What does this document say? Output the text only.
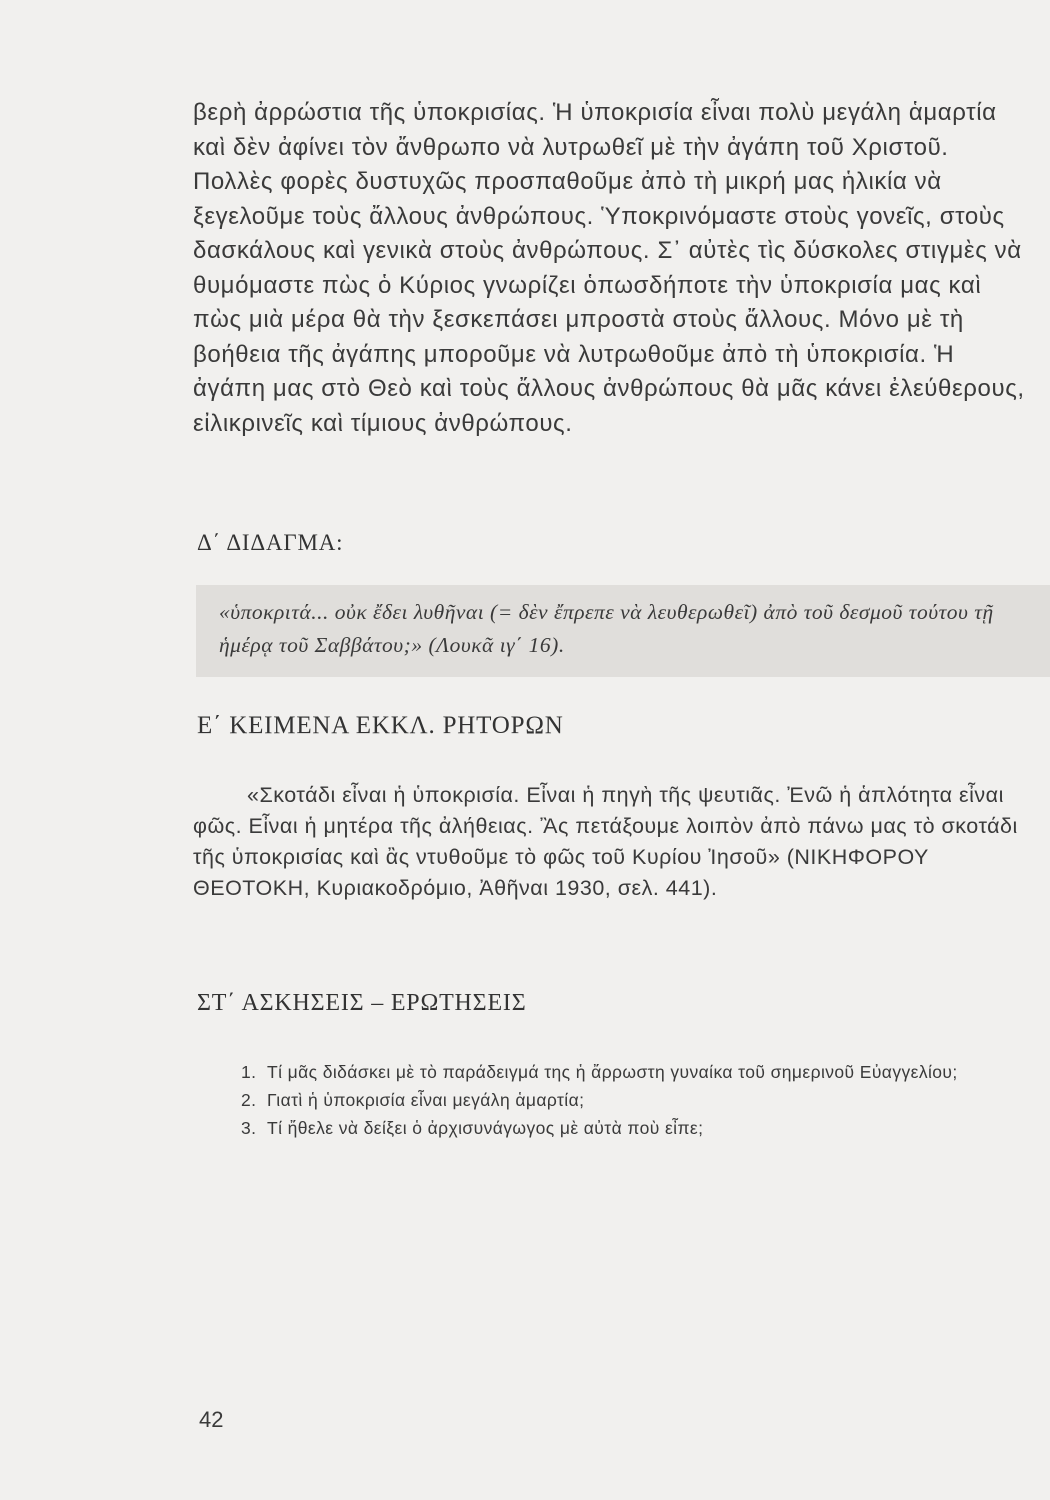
βερὴ ἀρρώστια τῆς ὑποκρισίας. Ἡ ὑποκρισία εἶναι πολὺ μεγάλη ἁμαρτία καὶ δὲν ἀφίνει τὸν ἄνθρωπο νὰ λυτρωθεῖ μὲ τὴν ἀγάπη τοῦ Χριστοῦ. Πολλὲς φορὲς δυστυχῶς προσπαθοῦμε ἀπὸ τὴ μικρή μας ἡλικία νὰ ξεγελοῦμε τοὺς ἄλλους ἀνθρώπους. Ὑποκρινόμαστε στοὺς γονεῖς, στοὺς δασκάλους καὶ γενικὰ στοὺς ἀνθρώπους. Σ᾽ αὐτὲς τὶς δύσκολες στιγμὲς νὰ θυμόμαστε πὼς ὁ Κύριος γνωρίζει ὁπωσδήποτε τὴν ὑποκρισία μας καὶ πὼς μιὰ μέρα θὰ τὴν ξεσκεπάσει μπροστὰ στοὺς ἄλλους. Μόνο μὲ τὴ βοήθεια τῆς ἀγάπης μποροῦμε νὰ λυτρωθοῦμε ἀπὸ τὴ ὑποκρισία. Ἡ ἀγάπη μας στὸ Θεὸ καὶ τοὺς ἄλλους ἀνθρώπους θὰ μᾶς κάνει ἐλεύθερους, εἰλικρινεῖς καὶ τίμιους ἀνθρώπους.

Δ΄ ΔΙΔΑΓΜΑ:
«ὑποκριτά... οὐκ ἔδει λυθῆναι (= δὲν ἔπρεπε νὰ λευθερωθεῖ) ἀπὸ τοῦ δεσμοῦ τούτου τῇ ἡμέρᾳ τοῦ Σαββάτου;» (Λουκᾶ ιγ΄ 16).
Ε΄ ΚΕΙΜΕΝΑ ΕΚΚΛ. ΡΗΤΟΡΩΝ

«Σκοτάδι εἶναι ἡ ὑποκρισία. Εἶναι ἡ πηγὴ τῆς ψευτιᾶς. Ἐνῶ ἡ ἁπλότητα εἶναι φῶς. Εἶναι ἡ μητέρα τῆς ἀλήθειας. Ἂς πετάξουμε λοιπὸν ἀπὸ πάνω μας τὸ σκοτάδι τῆς ὑποκρισίας καὶ ἂς ντυθοῦμε τὸ φῶς τοῦ Κυρίου Ἰησοῦ» (ΝΙΚΗΦΟΡΟΥ ΘΕΟΤΟΚΗ, Κυριακοδρόμιο, Ἀθῆναι 1930, σελ. 441).

ΣΤ΄ ΑΣΚΗΣΕΙΣ – ΕΡΩΤΗΣΕΙΣ
1. Τί μᾶς διδάσκει μὲ τὸ παράδειγμά της ἡ ἄρρωστη γυναίκα τοῦ σημερινοῦ Εὐαγγελίου;
2. Γιατὶ ἡ ὑποκρισία εἶναι μεγάλη ἁμαρτία;
3. Τί ἤθελε νὰ δείξει ὁ ἀρχισυνάγωγος μὲ αὐτὰ ποὺ εἶπε;
42
